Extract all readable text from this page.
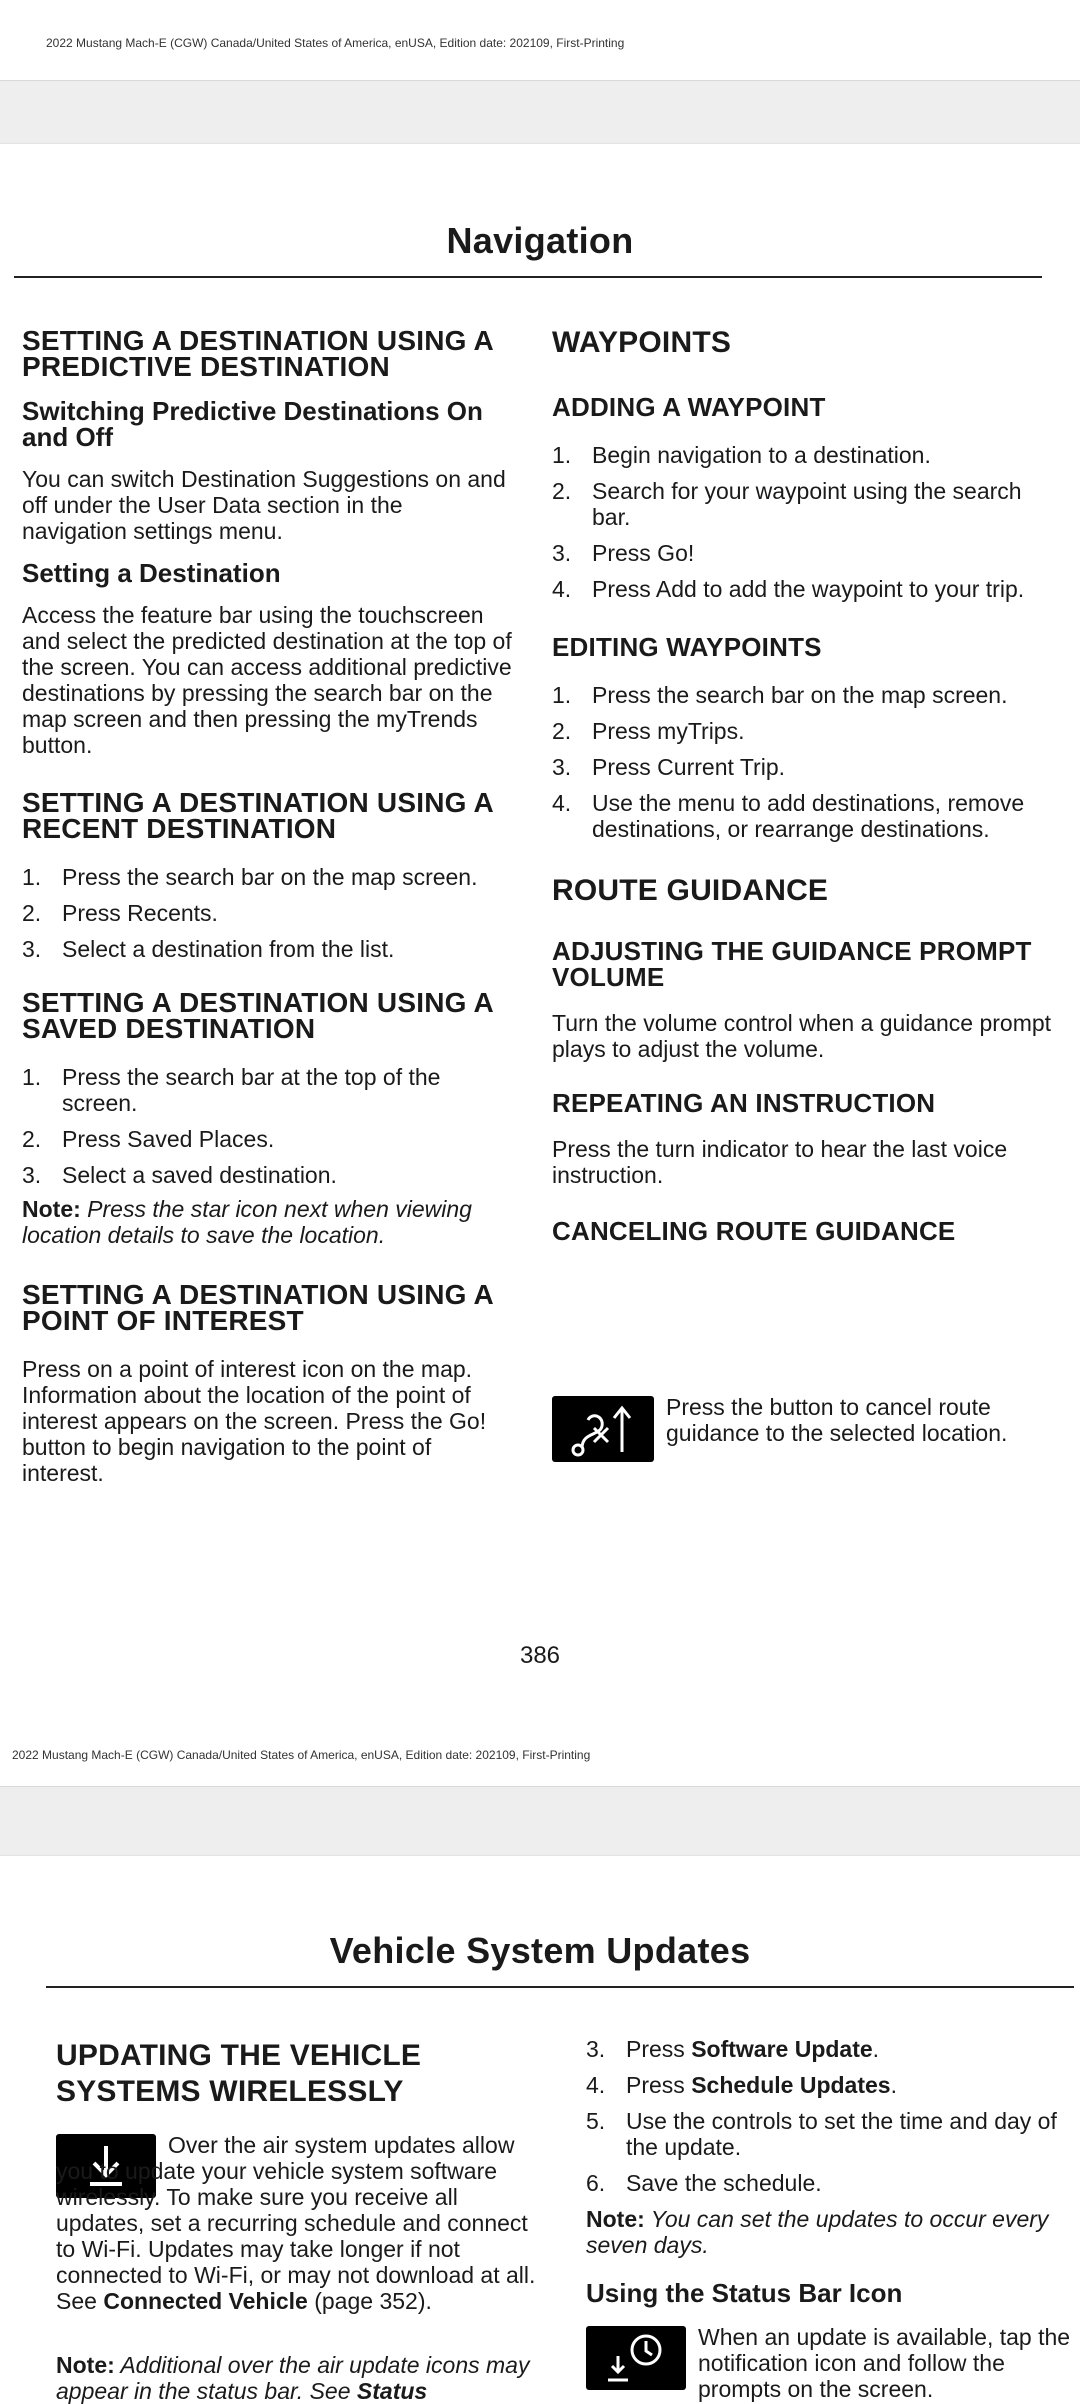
2022 Mustang Mach-E (CGW) Canada/United States of America, enUSA, Edition date: 202109, First-Printing
Navigation
SETTING A DESTINATION USING A PREDICTIVE DESTINATION
Switching Predictive Destinations On and Off
You can switch Destination Suggestions on and off under the User Data section in the navigation settings menu.
Setting a Destination
Access the feature bar using the touchscreen and select the predicted destination at the top of the screen. You can access additional predictive destinations by pressing the search bar on the map screen and then pressing the myTrends button.
SETTING A DESTINATION USING A RECENT DESTINATION
1. Press the search bar on the map screen.
2. Press Recents.
3. Select a destination from the list.
SETTING A DESTINATION USING A SAVED DESTINATION
1. Press the search bar at the top of the screen.
2. Press Saved Places.
3. Select a saved destination.
Note: Press the star icon next when viewing location details to save the location.
SETTING A DESTINATION USING A POINT OF INTEREST
Press on a point of interest icon on the map. Information about the location of the point of interest appears on the screen. Press the Go! button to begin navigation to the point of interest.
WAYPOINTS
ADDING A WAYPOINT
1. Begin navigation to a destination.
2. Search for your waypoint using the search bar.
3. Press Go!
4. Press Add to add the waypoint to your trip.
EDITING WAYPOINTS
1. Press the search bar on the map screen.
2. Press myTrips.
3. Press Current Trip.
4. Use the menu to add destinations, remove destinations, or rearrange destinations.
ROUTE GUIDANCE
ADJUSTING THE GUIDANCE PROMPT VOLUME
Turn the volume control when a guidance prompt plays to adjust the volume.
REPEATING AN INSTRUCTION
Press the turn indicator to hear the last voice instruction.
CANCELING ROUTE GUIDANCE
Press the button to cancel route guidance to the selected location.
386
2022 Mustang Mach-E (CGW) Canada/United States of America, enUSA, Edition date: 202109, First-Printing
Vehicle System Updates
UPDATING THE VEHICLE SYSTEMS WIRELESSLY
Over the air system updates allow you to update your vehicle system software wirelessly. To make sure you receive all updates, set a recurring schedule and connect to Wi-Fi. Updates may take longer if not connected to Wi-Fi, or may not download at all. See Connected Vehicle (page 352).
Note: Additional over the air update icons may appear in the status bar. See Status
3. Press Software Update.
4. Press Schedule Updates.
5. Use the controls to set the time and day of the update.
6. Save the schedule.
Note: You can set the updates to occur every seven days.
Using the Status Bar Icon
When an update is available, tap the notification icon and follow the prompts on the screen.
